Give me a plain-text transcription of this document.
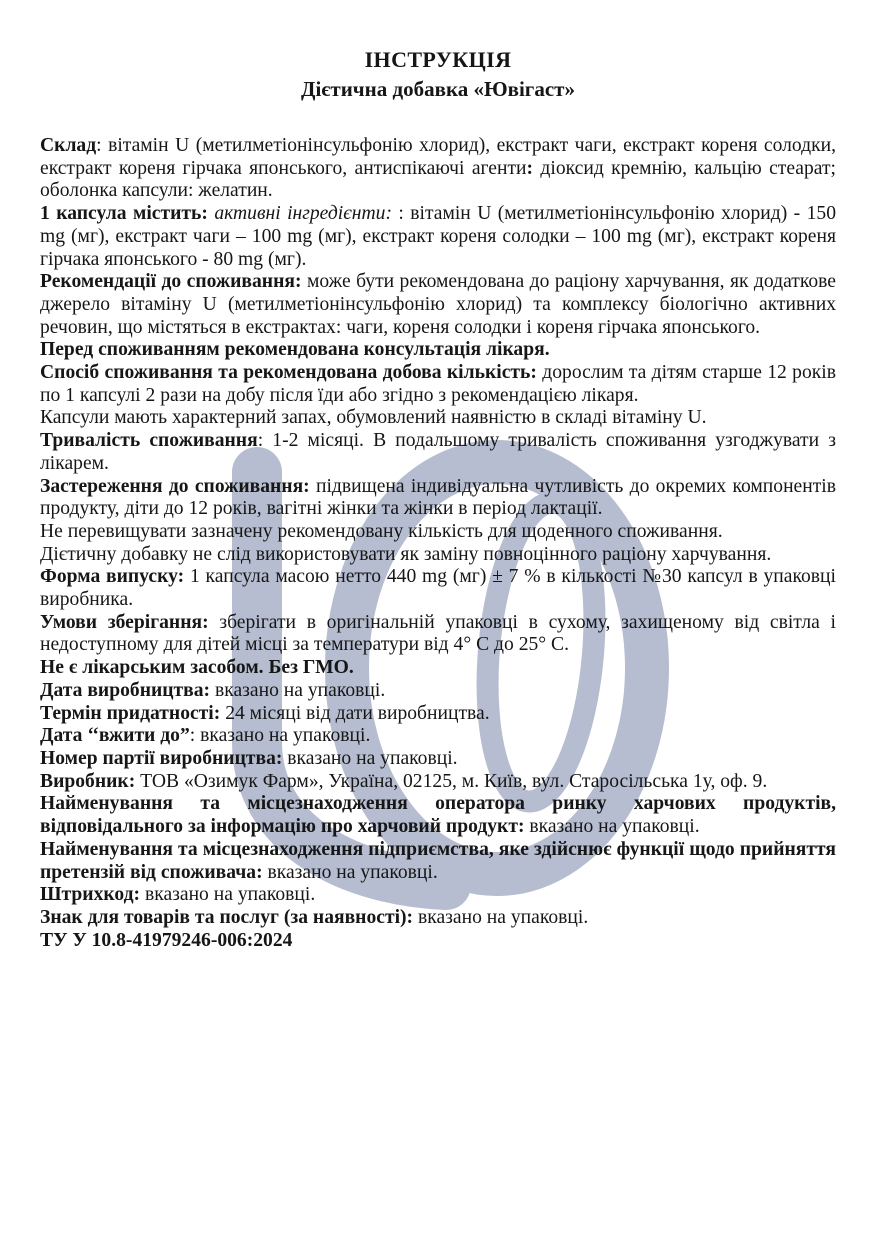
ІНСТРУКЦІЯ
Дієтична добавка «Ювігаст»

Склад: вітамін U (метилметіонінсульфонію хлорид), екстракт чаги, екстракт кореня солодки, екстракт кореня гірчака японського, антиспікаючі агенти: діоксид кремнію, кальцію стеарат; оболонка капсули: желатин.

1 капсула містить: активні інгредієнти: : вітамін U (метилметіонінсульфонію хлорид) - 150 mg (мг), екстракт чаги – 100 mg (мг), екстракт кореня солодки – 100 mg (мг), екстракт кореня гірчака японського - 80 mg (мг).

Рекомендації до споживання: може бути рекомендована до раціону харчування, як додаткове джерело вітаміну U (метилметіонінсульфонію хлорид) та комплексу біологічно активних речовин, що містяться в екстрактах: чаги, кореня солодки і кореня гірчака японського.

Перед споживанням рекомендована консультація лікаря.

Спосіб споживання та рекомендована добова кількість: дорослим та дітям старше 12 років по 1 капсулі 2 рази на добу після їди або згідно з рекомендацією лікаря.

Капсули мають характерний запах, обумовлений наявністю в складі вітаміну U.

Тривалість споживання: 1-2 місяці. В подальшому тривалість споживання узгоджувати з лікарем.

Застереження до споживання: підвищена індивідуальна чутливість до окремих компонентів продукту, діти до 12 років, вагітні жінки та жінки в період лактації.

Не перевищувати зазначену рекомендовану кількість для щоденного споживання.

Дієтичну добавку не слід використовувати як заміну повноцінного раціону харчування.

Форма випуску: 1 капсула масою нетто 440 mg (мг) ± 7 % в кількості №30 капсул в упаковці виробника.

Умови зберігання: зберігати в оригінальній упаковці в сухому, захищеному від світла і недоступному для дітей місці за температури від 4° С до 25° С.

Не є лікарським засобом. Без ГМО.

Дата виробництва: вказано на упаковці.

Термін придатності: 24 місяці від дати виробництва.

Дата ‘‘вжити до”: вказано на упаковці.

Номер партії виробництва: вказано на упаковці.

Виробник: ТОВ «Озимук Фарм», Україна, 02125, м. Київ, вул. Старосільська 1у, оф. 9.

Найменування та місцезнаходження оператора ринку харчових продуктів, відповідального за інформацію про харчовий продукт: вказано на упаковці.

Найменування та місцезнаходження підприємства, яке здійснює функції щодо прийняття претензій від споживача: вказано на упаковці.

Штрихкод: вказано на упаковці.

Знак для товарів та послуг (за наявності): вказано на упаковці.

ТУ У 10.8-41979246-006:2024
